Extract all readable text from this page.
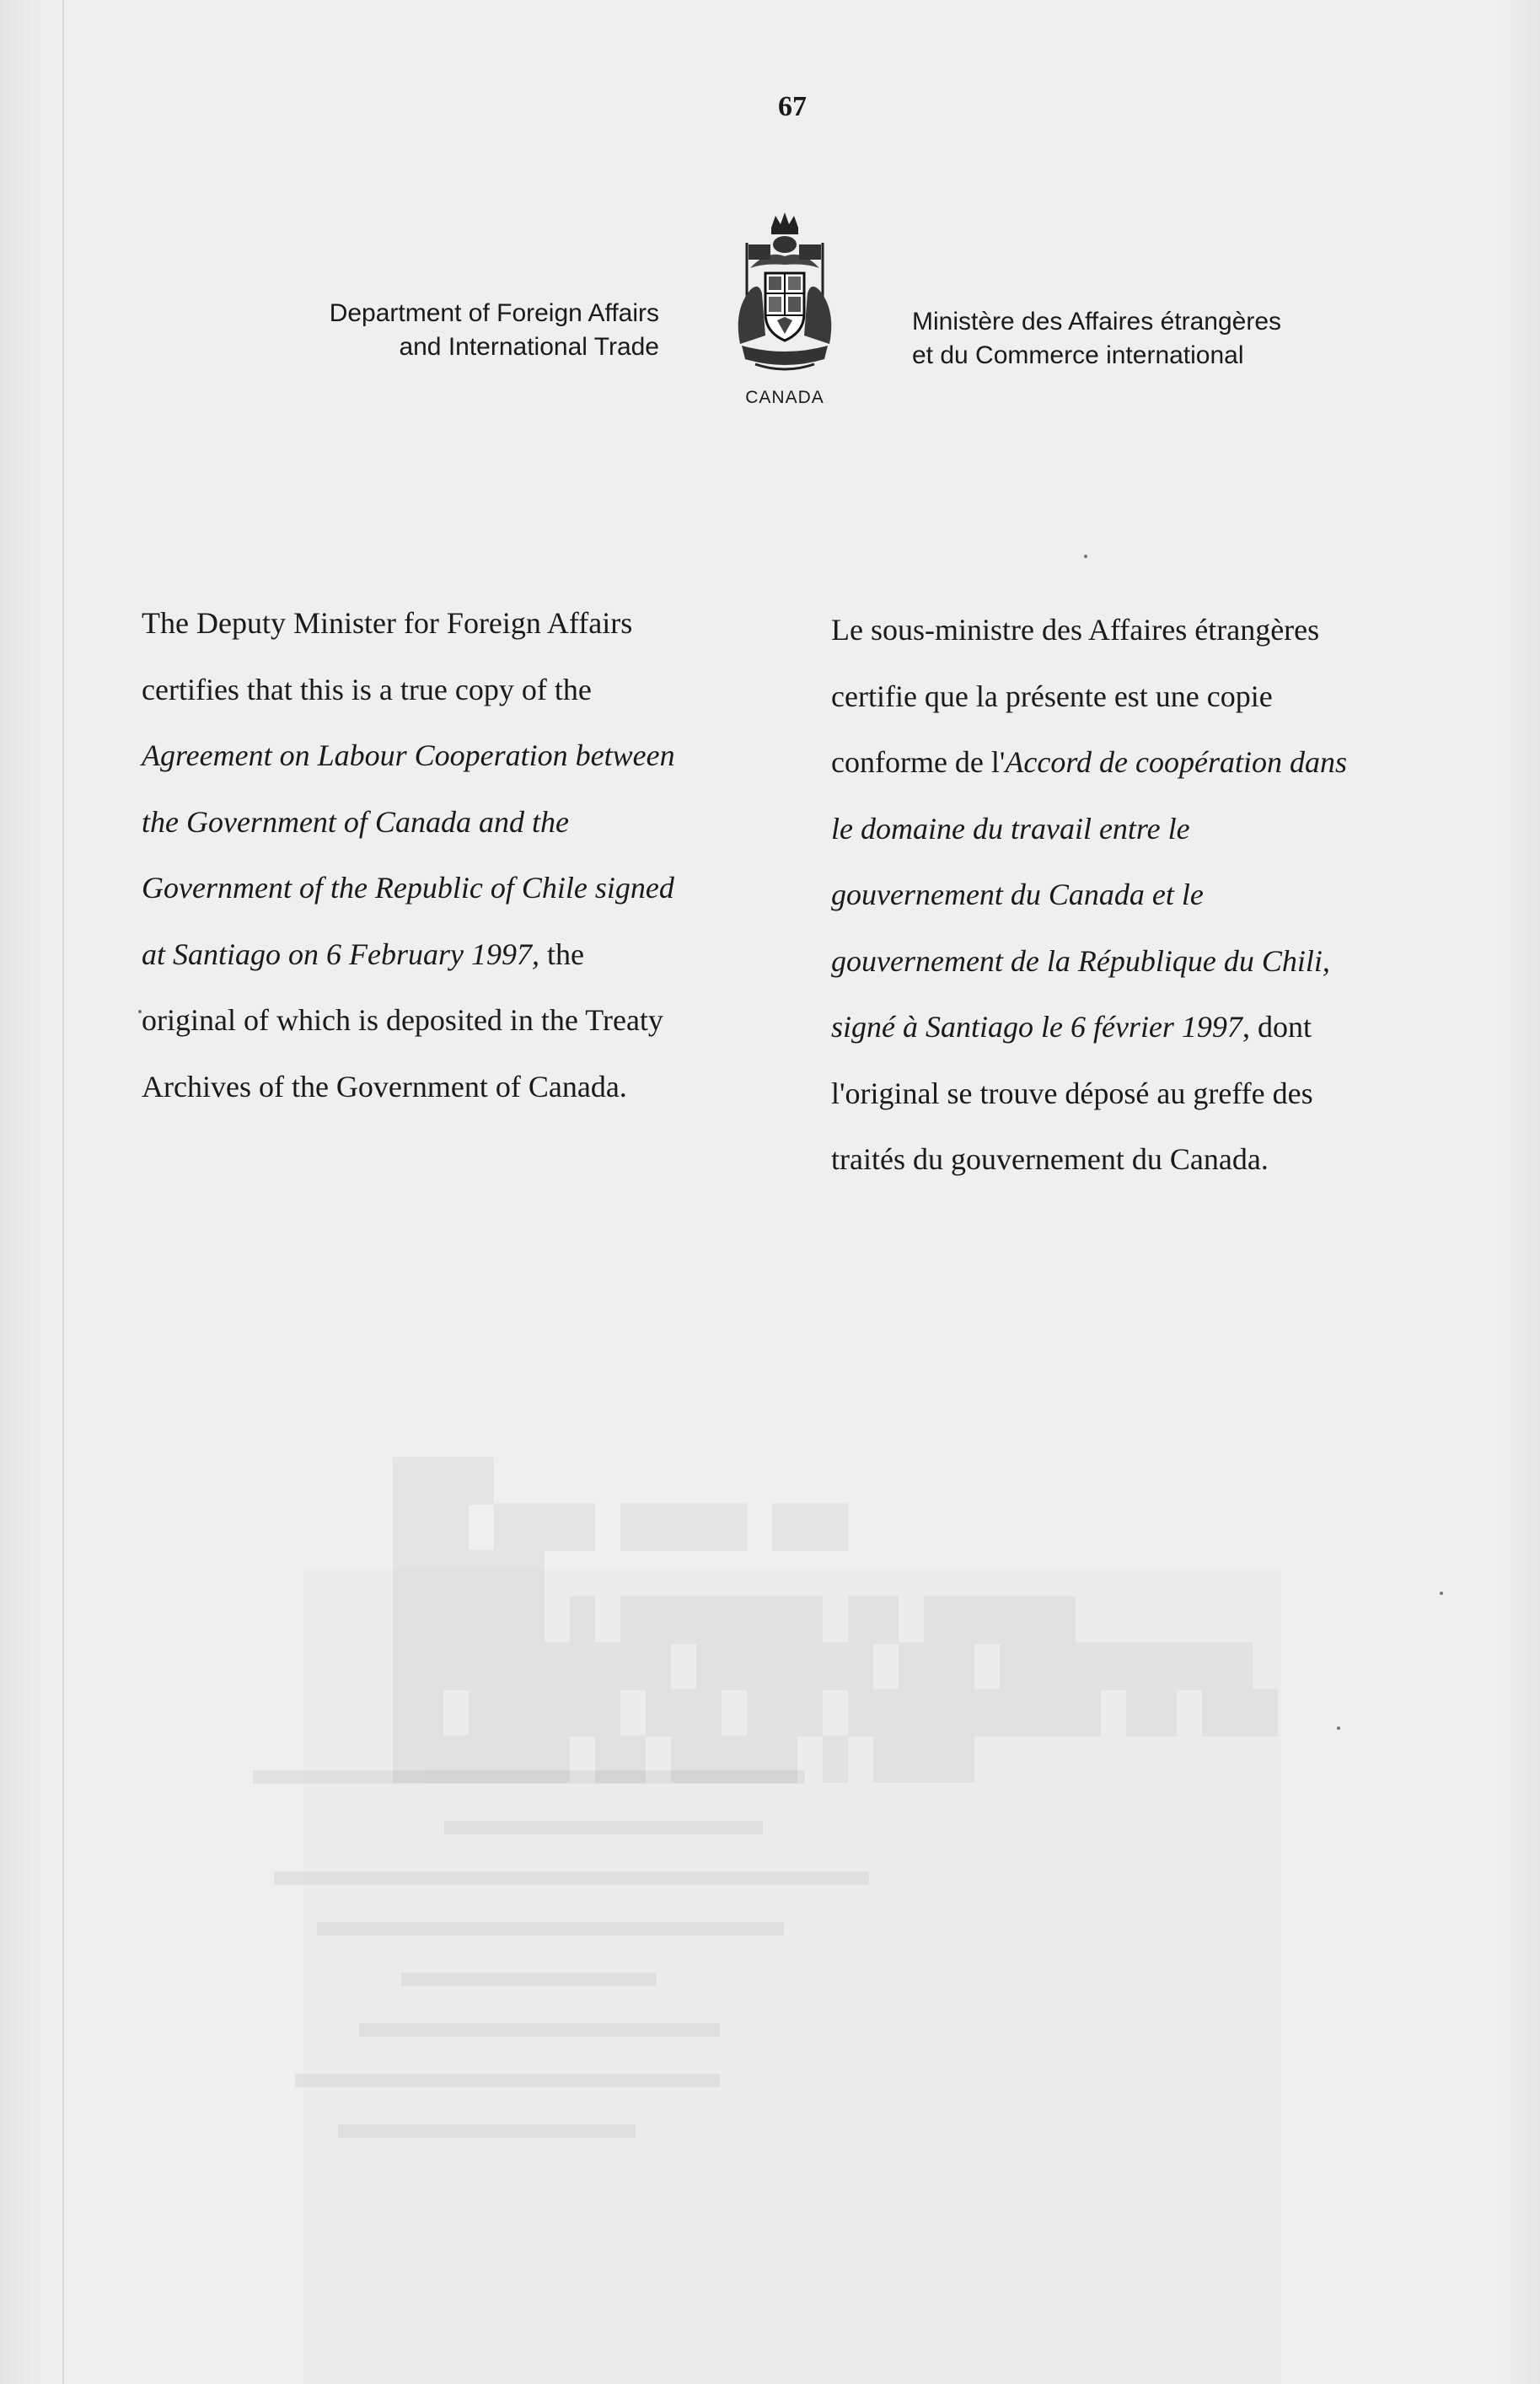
67
Department of Foreign Affairs
and International Trade
CANADA
Ministère des Affaires étrangères
et du Commerce international
The Deputy Minister for Foreign Affairs
certifies that this is a true copy of the
Agreement on Labour Cooperation between
the Government of Canada and the
Government of the Republic of Chile signed
at Santiago on 6 February 1997, the
original of which is deposited in the Treaty
Archives of the Government of Canada.
Le sous-ministre des Affaires étrangères
certifie que la présente est une copie
conforme de l'Accord de coopération dans
le domaine du travail entre le
gouvernement du Canada et le
gouvernement de la République du Chili,
signé à Santiago le 6 février 1997, dont
l'original se trouve déposé au greffe des
traités du gouvernement du Canada.
